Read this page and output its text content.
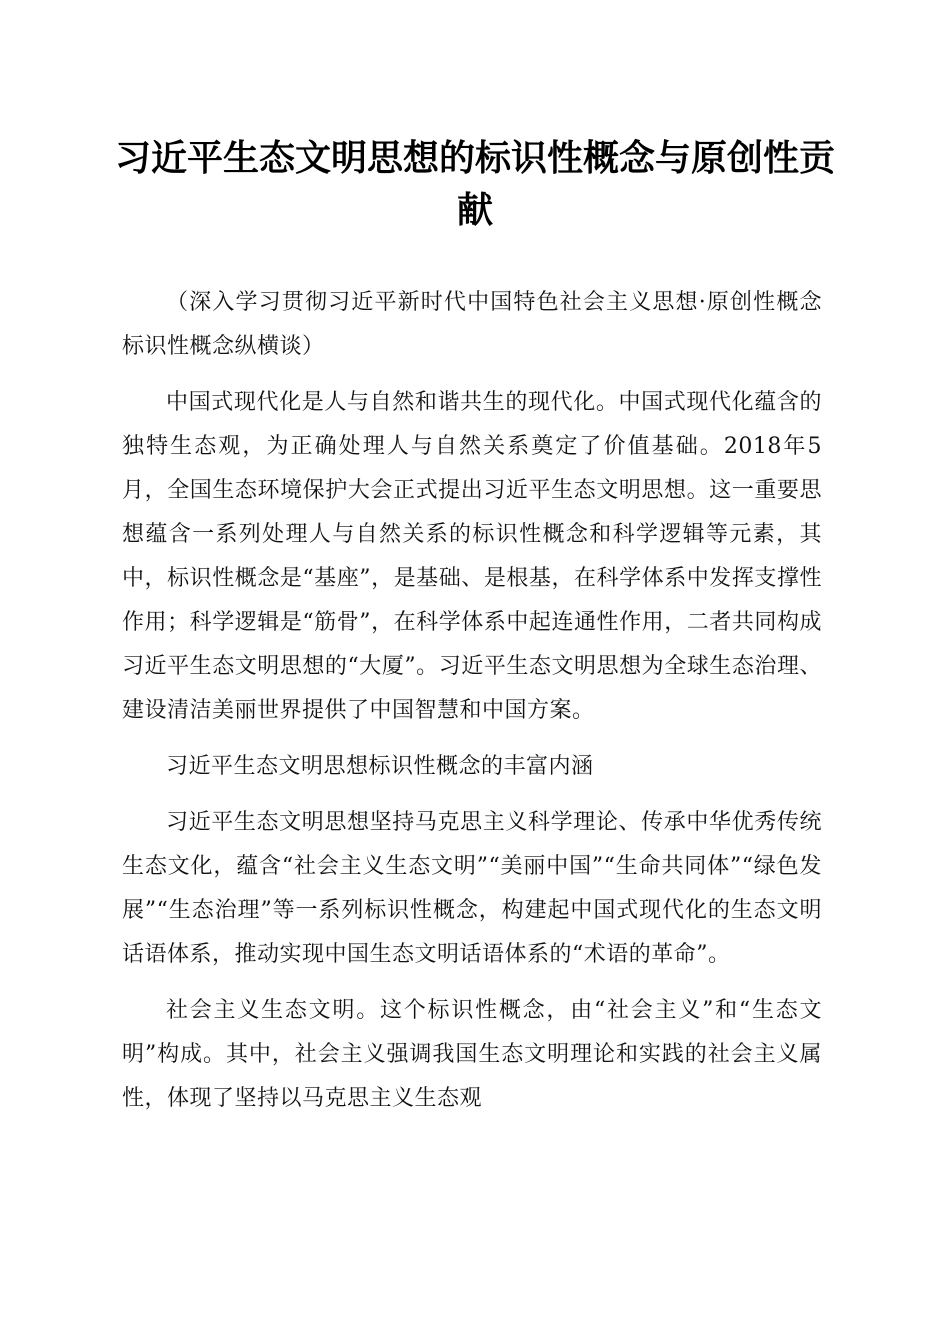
习近平生态文明思想的标识性概念与原创性贡献

（深入学习贯彻习近平新时代中国特色社会主义思想·原创性概念标识性概念纵横谈）

中国式现代化是人与自然和谐共生的现代化。中国式现代化蕴含的独特生态观，为正确处理人与自然关系奠定了价值基础。2018年5月，全国生态环境保护大会正式提出习近平生态文明思想。这一重要思想蕴含一系列处理人与自然关系的标识性概念和科学逻辑等元素，其中，标识性概念是“基座”，是基础、是根基，在科学体系中发挥支撑性作用；科学逻辑是“筋骨”，在科学体系中起连通性作用，二者共同构成习近平生态文明思想的“大厦”。习近平生态文明思想为全球生态治理、建设清洁美丽世界提供了中国智慧和中国方案。

习近平生态文明思想标识性概念的丰富内涵

习近平生态文明思想坚持马克思主义科学理论、传承中华优秀传统生态文化，蕴含“社会主义生态文明”“美丽中国”“生命共同体”“绿色发展”“生态治理”等一系列标识性概念，构建起中国式现代化的生态文明话语体系，推动实现中国生态文明话语体系的“术语的革命”。

社会主义生态文明。这个标识性概念，由“社会主义”和“生态文明”构成。其中，社会主义强调我国生态文明理论和实践的社会主义属性，体现了坚持以马克思主义生态观
